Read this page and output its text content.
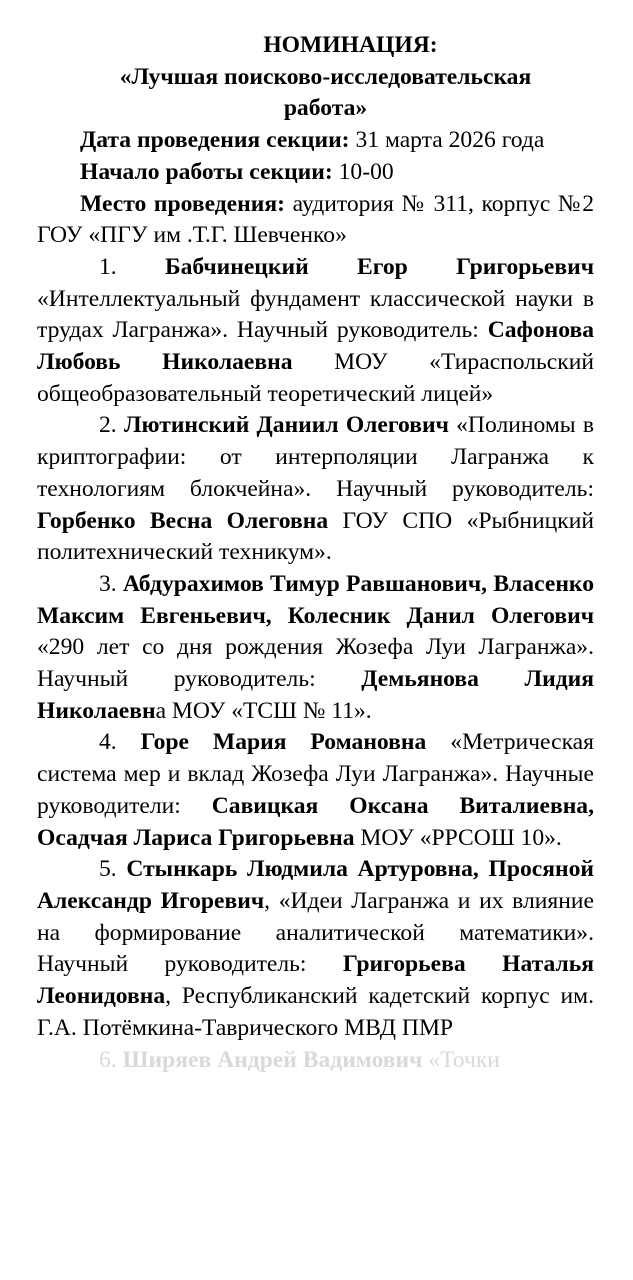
НОМИНАЦИЯ:

«Лучшая поисково-исследовательская

работа»

Дата проведения секции: 31 марта 2026 года

Начало работы секции: 10-00

Место проведения: аудитория № 311, корпус №2 ГОУ «ПГУ им .Т.Г. Шевченко»

1. Бабчинецкий Егор Григорьевич «Интеллектуальный фундамент классической науки в трудах Лагранжа». Научный руководитель: Сафонова Любовь Николаевна МОУ «Тираспольский общеобразовательный теоретический лицей»

2. Лютинский Даниил Олегович «Полиномы в криптографии: от интерполяции Лагранжа к технологиям блокчейна». Научный руководитель: Горбенко Весна Олеговна ГОУ СПО «Рыбницкий политехнический техникум».

3. Абдурахимов Тимур Равшанович, Власенко Максим Евгеньевич, Колесник Данил Олегович «290 лет со дня рождения Жозефа Луи Лагранжа». Научный руководитель: Демьянова Лидия Николаевна МОУ «ТСШ № 11».

4. Горе Мария Романовна «Метрическая система мер и вклад Жозефа Луи Лагранжа». Научные руководители: Савицкая Оксана Виталиевна, Осадчая Лариса Григорьевна МОУ «РРСОШ 10».

5. Стынкарь Людмила Артуровна, Просяной Александр Игоревич, «Идеи Лагранжа и их влияние на формирование аналитической математики». Научный руководитель: Григорьева Наталья Леонидовна, Республиканский кадетский корпус им. Г.А. Потёмкина-Таврического МВД ПМР

6. Ширяев Андрей Вадимович «Точки
